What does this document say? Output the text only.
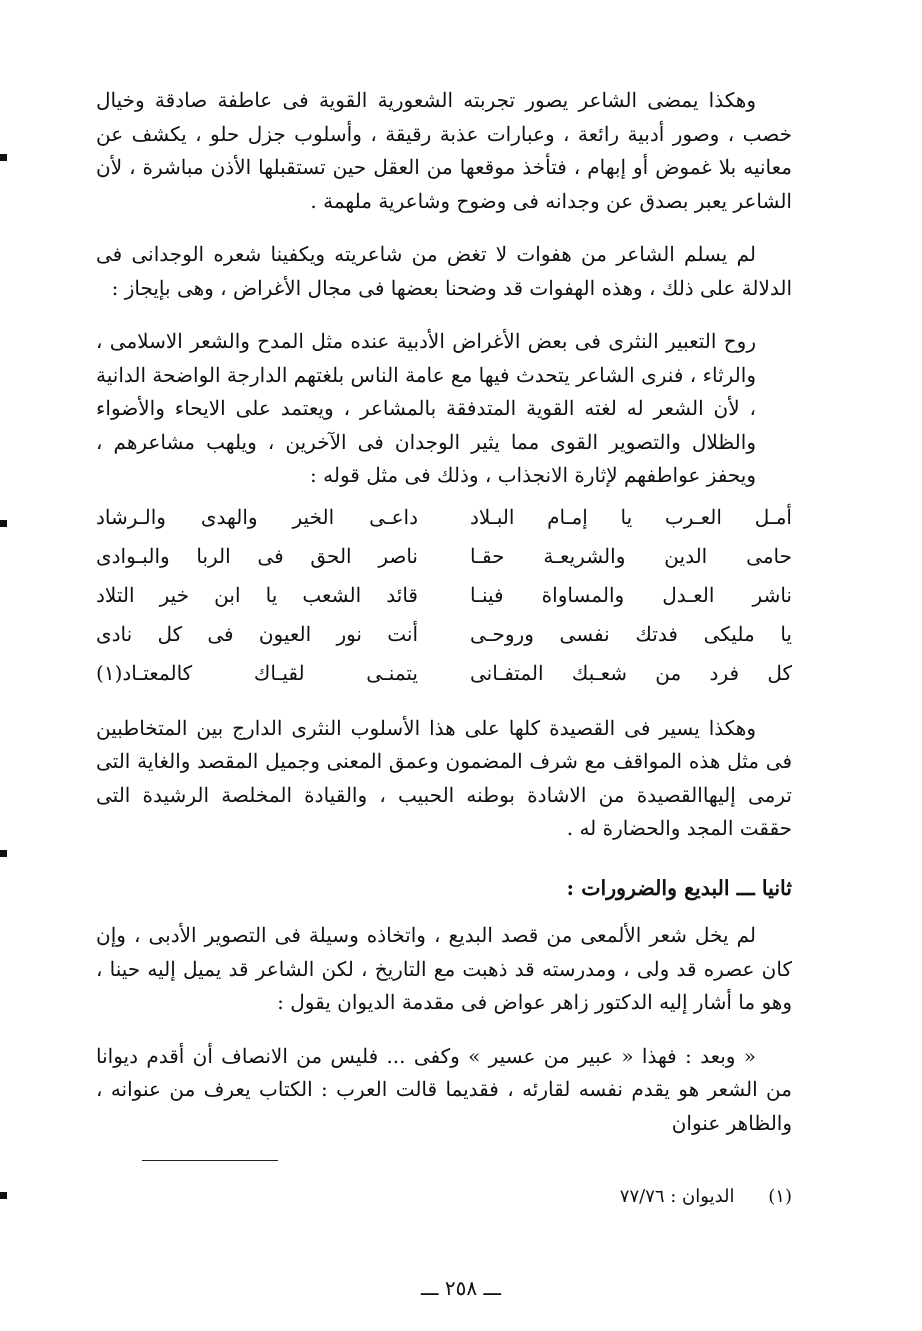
وهكذا يمضى الشاعر يصور تجربته الشعورية القوية فى عاطفة صادقة وخيال خصب ، وصور أدبية رائعة ، وعبارات عذبة رقيقة ، وأسلوب جزل حلو ، يكشف عن معانيه بلا غموض أو إبهام ، فتأخذ موقعها من العقل حين تستقبلها الأذن مباشرة ، لأن الشاعر يعبر بصدق عن وجدانه فى وضوح وشاعرية ملهمة .

لم يسلم الشاعر من هفوات لا تغض من شاعريته ويكفينا شعره الوجدانى فى الدلالة على ذلك ، وهذه الهفوات قد وضحنا بعضها فى مجال الأغراض ، وهى بإيجاز :

روح التعبير النثرى فى بعض الأغراض الأدبية عنده مثل المدح والشعر الاسلامى ، والرثاء ، فنرى الشاعر يتحدث فيها مع عامة الناس بلغتهم الدارجة الواضحة الدانية ، لأن الشعر له لغته القوية المتدفقة بالمشاعر ، ويعتمد على الايحاء والأضواء والظلال والتصوير القوى مما يثير الوجدان فى الآخرين ، ويلهب مشاعرهم ، ويحفز عواطفهم لإثارة الانجذاب ، وذلك فى مثل قوله :

أمـل العـرب يا إمـام البـلاد
داعـى الخير والهدى والـرشاد
حامى الدين والشريعـة حقـا
ناصر الحق فى الربا والبـوادى
ناشر العـدل والمساواة فينـا
قائد الشعب يا ابن خير التلاد
يا مليكى فدتك نفسى وروحـى
أنت نور العيون فى كل نادى
كل فرد من شعـبك المتفـانى
يتمنـى لقيـاك كالمعتـاد(١)

وهكذا يسير فى القصيدة كلها على هذا الأسلوب النثرى الدارج بين المتخاطبين فى مثل هذه المواقف مع شرف المضمون وعمق المعنى وجميل المقصد والغاية التى ترمى إليهاالقصيدة من الاشادة بوطنه الحبيب ، والقيادة المخلصة الرشيدة التى حققت المجد والحضارة له .

ثانيا ـــ البديع والضرورات :

لم يخل شعر الألمعى من قصد البديع ، واتخاذه وسيلة فى التصوير الأدبى ، وإن كان عصره قد ولى ، ومدرسته قد ذهبت مع التاريخ ، لكن الشاعر قد يميل إليه حينا ، وهو ما أشار إليه الدكتور زاهر عواض فى مقدمة الديوان يقول :

« وبعد : فهذا « عبير من عسير » وكفى ... فليس من الانصاف أن أقدم ديوانا من الشعر هو يقدم نفسه لقارئه ، فقديما قالت العرب : الكتاب يعرف من عنوانه ، والظاهر عنوان

(١) الديوان : ٧٧/٧٦
ـــ ٢٥٨ ـــ
